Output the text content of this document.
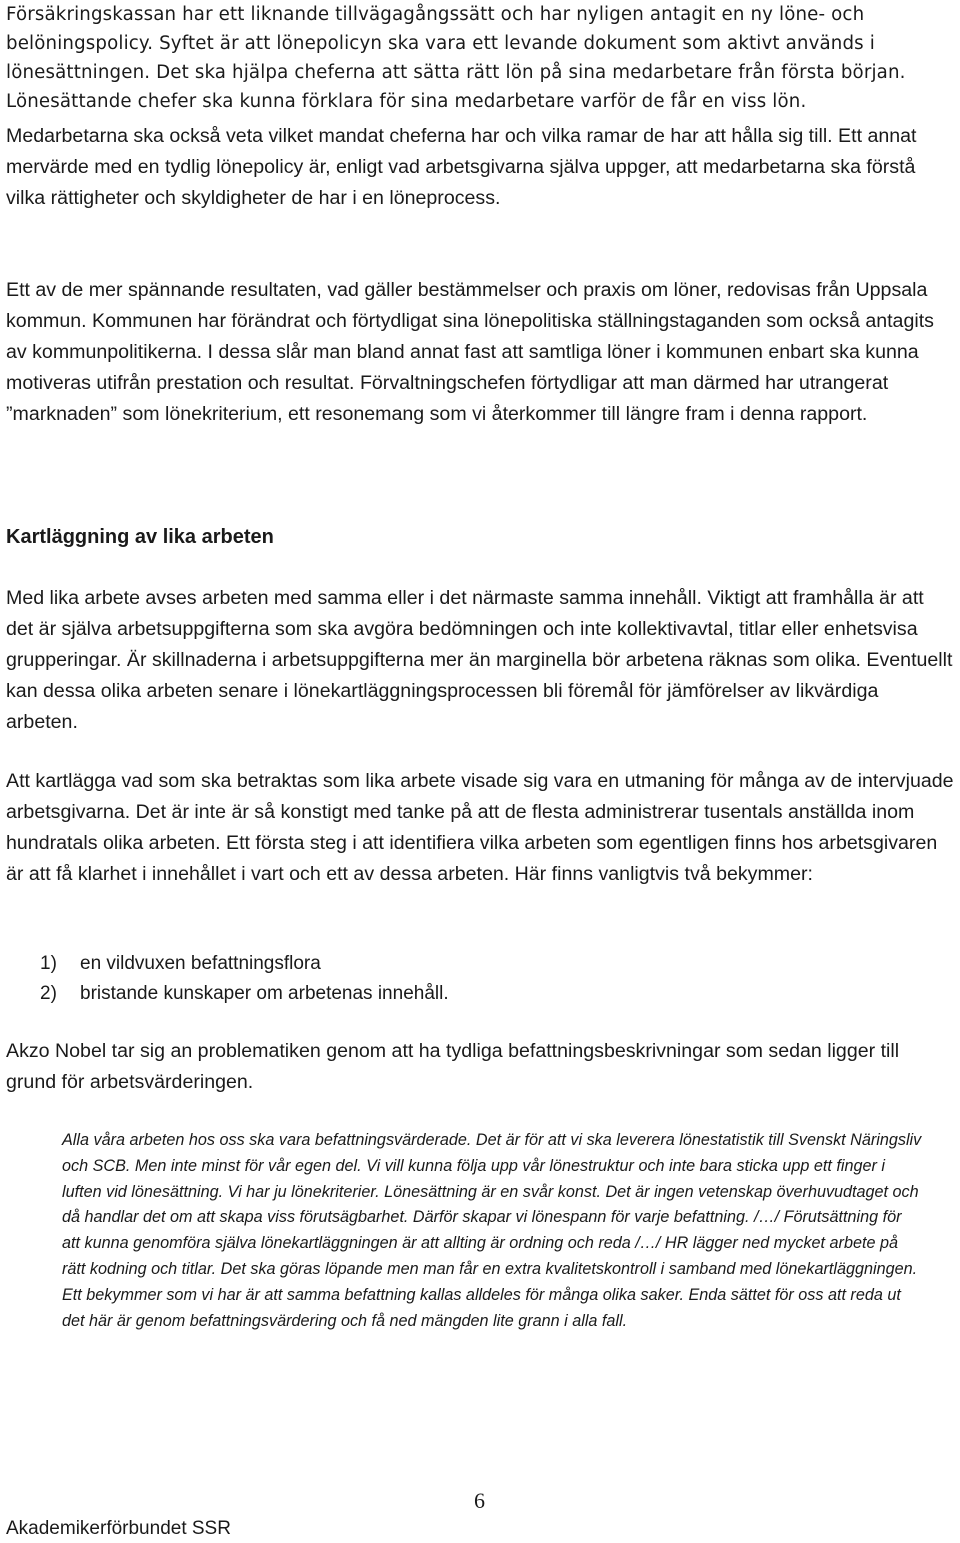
Försäkringskassan har ett liknande tillvägagångssätt och har nyligen antagit en ny löne- och belöningspolicy. Syftet är att lönepolicyn ska vara ett levande dokument som aktivt används i lönesättningen. Det ska hjälpa cheferna att sätta rätt lön på sina medarbetare från första början. Lönesättande chefer ska kunna förklara för sina medarbetare varför de får en viss lön.

Medarbetarna ska också veta vilket mandat cheferna har och vilka ramar de har att hålla sig till. Ett annat mervärde med en tydlig lönepolicy är, enligt vad arbetsgivarna själva uppger, att medarbetarna ska förstå vilka rättigheter och skyldigheter de har i en löneprocess.

Ett av de mer spännande resultaten, vad gäller bestämmelser och praxis om löner, redovisas från Uppsala kommun. Kommunen har förändrat och förtydligat sina lönepolitiska ställningstaganden som också antagits av kommunpolitikerna. I dessa slår man bland annat fast att samtliga löner i kommunen enbart ska kunna motiveras utifrån prestation och resultat. Förvaltningschefen förtydligar att man därmed har utrangerat ”marknaden” som lönekriterium, ett resonemang som vi återkommer till längre fram i denna rapport.

Kartläggning av lika arbeten

Med lika arbete avses arbeten med samma eller i det närmaste samma innehåll. Viktigt att framhålla är att det är själva arbetsuppgifterna som ska avgöra bedömningen och inte kollektivavtal, titlar eller enhetsvisa grupperingar. Är skillnaderna i arbetsuppgifterna mer än marginella bör arbetena räknas som olika. Eventuellt kan dessa olika arbeten senare i lönekartläggningsprocessen bli föremål för jämförelser av likvärdiga arbeten.

Att kartlägga vad som ska betraktas som lika arbete visade sig vara en utmaning för många av de intervjuade arbetsgivarna. Det är inte är så konstigt med tanke på att de flesta administrerar tusentals anställda inom hundratals olika arbeten. Ett första steg i att identifiera vilka arbeten som egentligen finns hos arbetsgivaren är att få klarhet i innehållet i vart och ett av dessa arbeten. Här finns vanligtvis två bekymmer:

1)	en vildvuxen befattningsflora
2)	bristande kunskaper om arbetenas innehåll.

Akzo Nobel tar sig an problematiken genom att ha tydliga befattningsbeskrivningar som sedan ligger till grund för arbetsvärderingen.

Alla våra arbeten hos oss ska vara befattningsvärderade. Det är för att vi ska leverera lönestatistik till Svenskt Näringsliv och SCB. Men inte minst för vår egen del. Vi vill kunna följa upp vår lönestruktur och inte bara sticka upp ett finger i luften vid lönesättning. Vi har ju lönekriterier. Lönesättning är en svår konst. Det är ingen vetenskap överhuvudtaget och då handlar det om att skapa viss förutsägbarhet. Därför skapar vi lönespann för varje befattning. /…/ Förutsättning för att kunna genomföra själva lönekartläggningen är att allting är ordning och reda /…/ HR lägger ned mycket arbete på rätt kodning och titlar. Det ska göras löpande men man får en extra kvalitetskontroll i samband med lönekartläggningen. Ett bekymmer som vi har är att samma befattning kallas alldeles för många olika saker. Enda sättet för oss att reda ut det här är genom befattningsvärdering och få ned mängden lite grann i alla fall.

6
Akademikerförbundet SSR
